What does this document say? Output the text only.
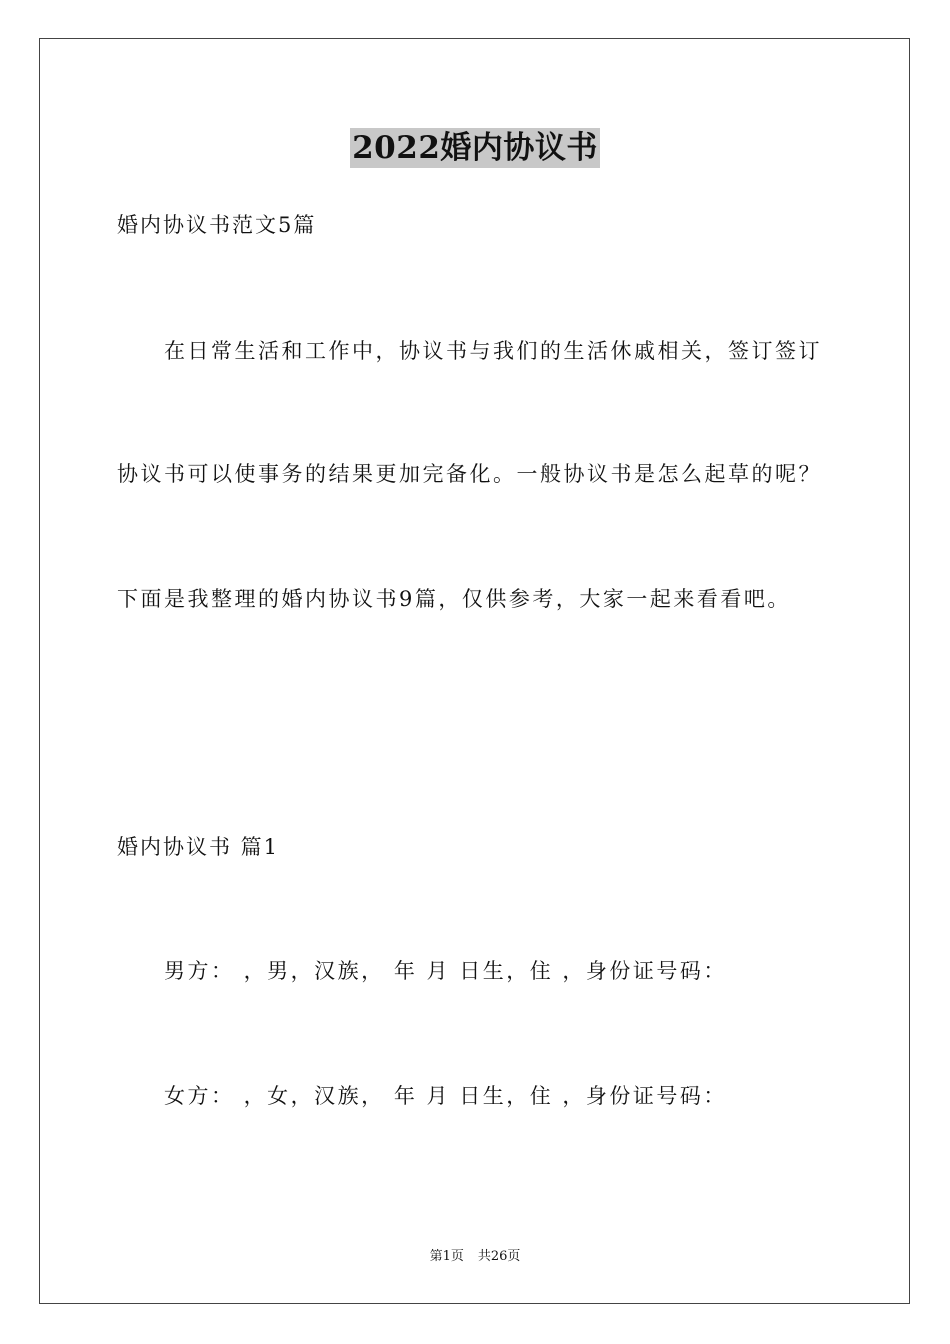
2022婚内协议书
婚内协议书范文5篇
在日常生活和工作中，协议书与我们的生活休戚相关，签订签订
协议书可以使事务的结果更加完备化。一般协议书是怎么起草的呢？
下面是我整理的婚内协议书9篇，仅供参考，大家一起来看看吧。
婚内协议书 篇1
男方： ，男，汉族， 年 月 日生，住 ，身份证号码：
女方： ，女，汉族， 年 月 日生，住 ，身份证号码：
第1页 共26页
